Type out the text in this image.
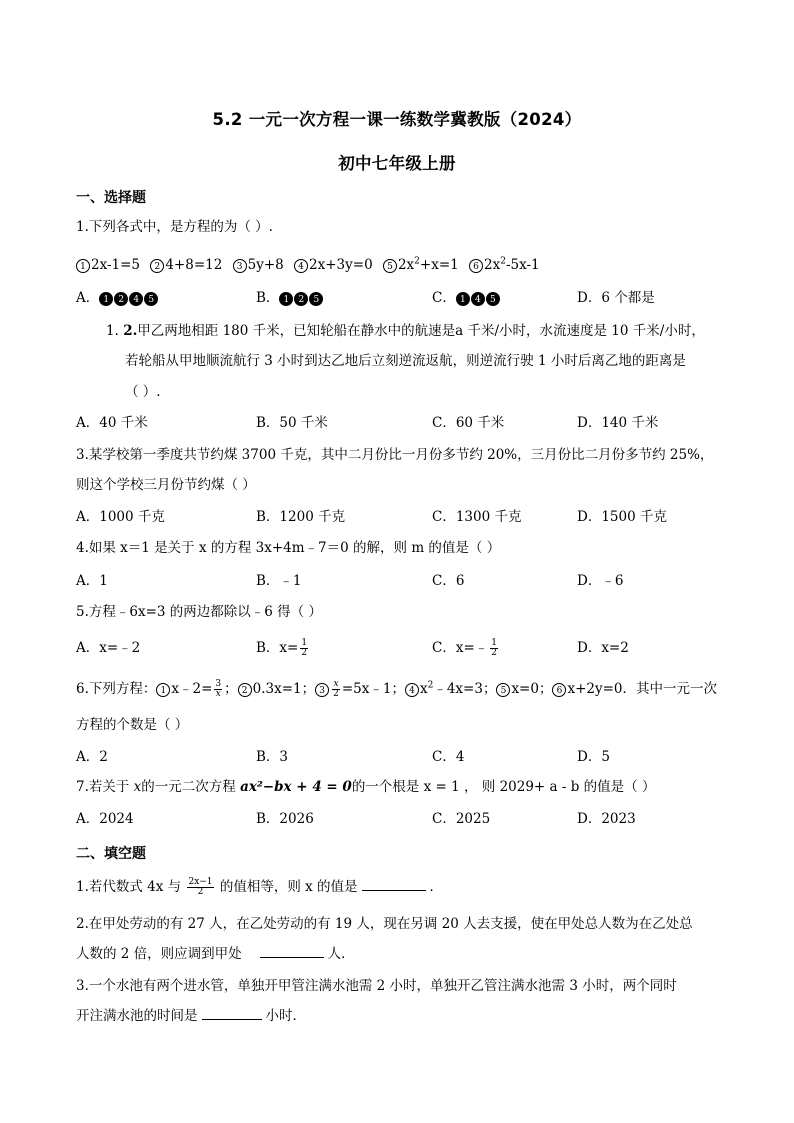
5.2 一元一次方程一课一练数学冀教版（2024）
初中七年级上册
一、选择题
1.下列各式中，是方程的为（ ）.
1 2x-1=5 2 4+8=12 3 5y+8 4 2x+3y=0 5 $2x^2+x=1$ 6 $2x^2-5x-1$
A． 1 2 4 5	B． 1 2 5	C． 1 4 5	D．6 个都是
1. 2.甲乙两地相距 180 千米，已知轮船在静水中的航速是a 千米/小时，水流速度是 10 千米/小时，
若轮船从甲地顺流航行 3 小时到达乙地后立刻逆流返航，则逆流行驶 1 小时后离乙地的距离是
（ ）.
A．40 千米	B．50 千米	C．60 千米	D．140 千米
3.某学校第一季度共节约煤 3700 千克，其中二月份比一月份多节约 20%，三月份比二月份多节约 25%，
则这个学校三月份节约煤（ ）
A．1000 千克	B．1200 千克	C．1300 千克	D．1500 千克
4.如果 x＝1 是关于 x 的方程 3x+4m﹣7＝0 的解，则 m 的值是（ ）
A．1	B．﹣1	C．6	D．﹣6
5.方程﹣6x=3 的两边都除以﹣6 得（ ）
A．x=﹣2	B．$x= \frac{1}{2}$	C．x=﹣ $\frac{1}{2}$	D．x=2
6.下列方程： 1 x﹣2= $\frac{3}{x}$ ； 2 0.3x=1； $3 \frac{x}{2}$ =5x﹣1； 4 $x^2﹣4x=3$； 5 x=0； 6 x+2y=0．其中一元一次
方程的个数是（ ）
A．2	B．3	C．4	D．5
7.若关于 x的一元二次方程 ax²−bx + 4 = 0的一个根是 x = 1 ， 则 2029+ a - b 的值是（ ）
A．2024	B．2026	C．2025	D．2023
二、填空题
1.若代数式 4x 与 $\frac{2x-1}{2}$ 的值相等，则 x 的值是	．
2.在甲处劳动的有 27 人，在乙处劳动的有 19 人，现在另调 20 人去支援，使在甲处总人数为在乙处总
人数的 2 倍，则应调到甲处	人．
3.一个水池有两个进水管，单独开甲管注满水池需 2 小时，单独开乙管注满水池需 3 小时，两个同时
开注满水池的时间是	小时．
